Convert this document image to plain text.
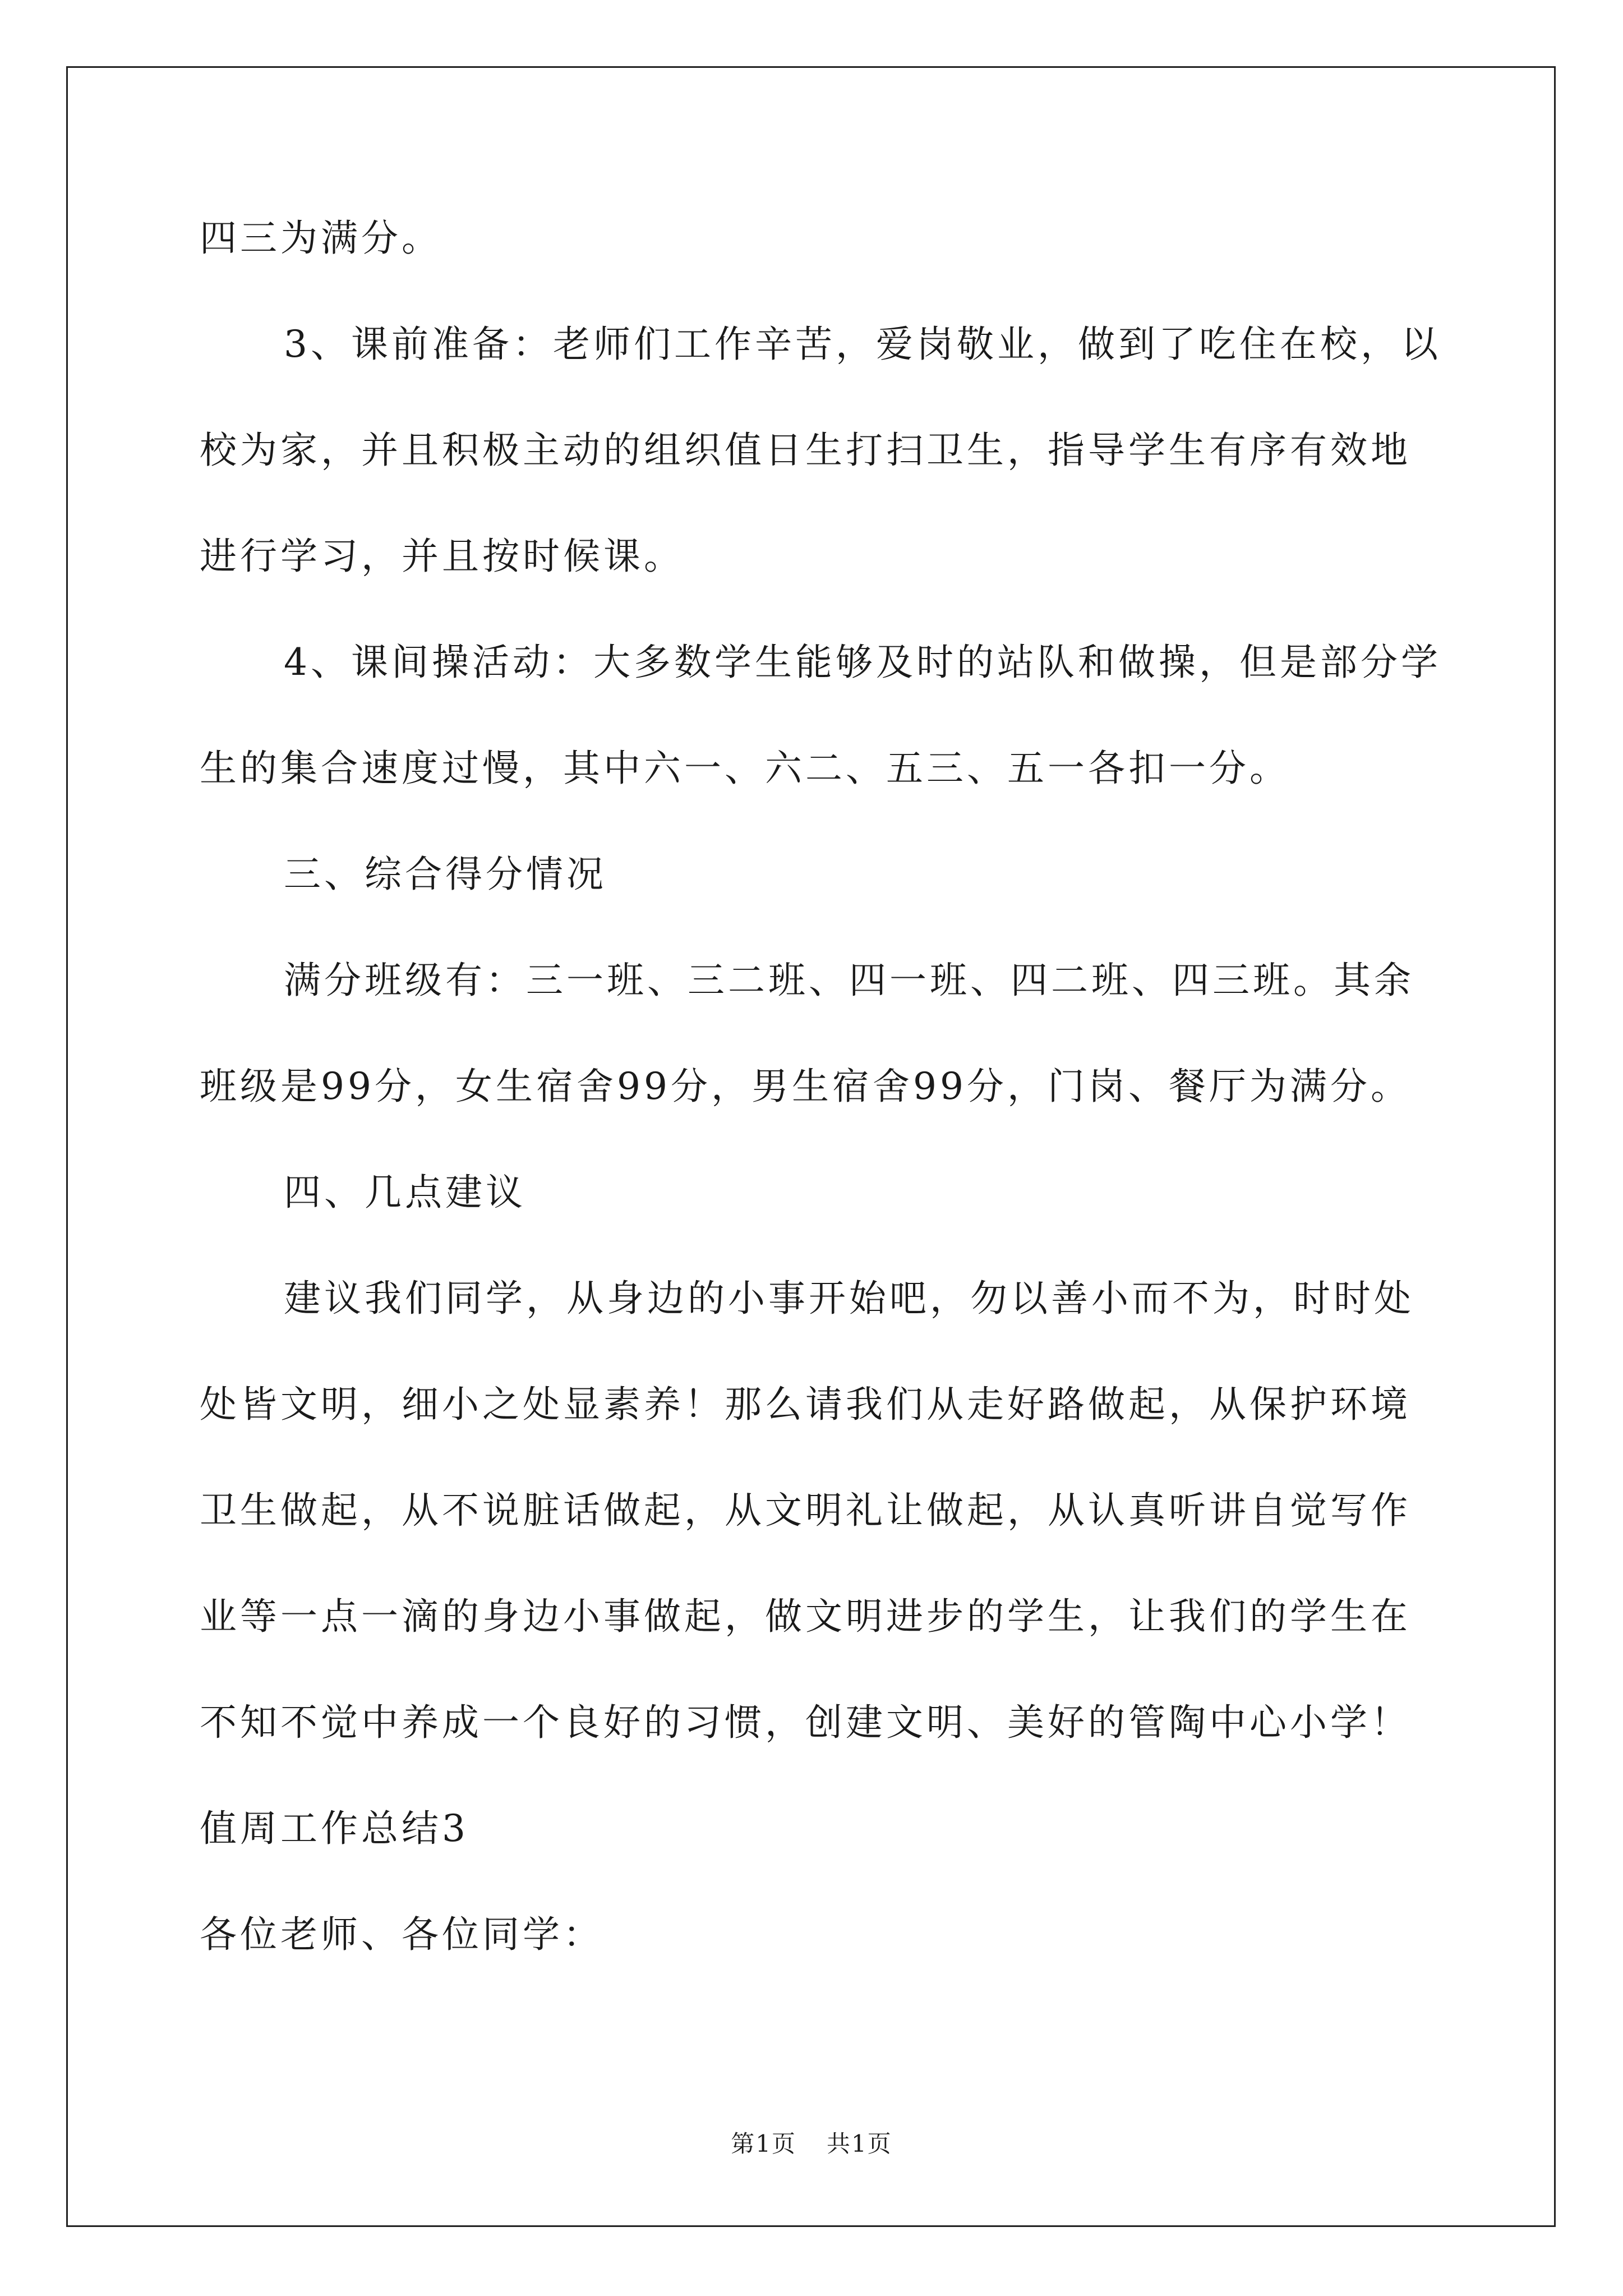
四三为满分。
3、课前准备：老师们工作辛苦，爱岗敬业，做到了吃住在校，以
校为家，并且积极主动的组织值日生打扫卫生，指导学生有序有效地
进行学习，并且按时候课。
4、课间操活动：大多数学生能够及时的站队和做操，但是部分学
生的集合速度过慢，其中六一、六二、五三、五一各扣一分。
三、综合得分情况
满分班级有：三一班、三二班、四一班、四二班、四三班。其余
班级是99分，女生宿舍99分，男生宿舍99分，门岗、餐厅为满分。
四、几点建议
建议我们同学，从身边的小事开始吧，勿以善小而不为，时时处
处皆文明，细小之处显素养！那么请我们从走好路做起，从保护环境
卫生做起，从不说脏话做起，从文明礼让做起，从认真听讲自觉写作
业等一点一滴的身边小事做起，做文明进步的学生，让我们的学生在
不知不觉中养成一个良好的习惯，创建文明、美好的管陶中心小学！
值周工作总结3
各位老师、各位同学：
第1页 共1页
